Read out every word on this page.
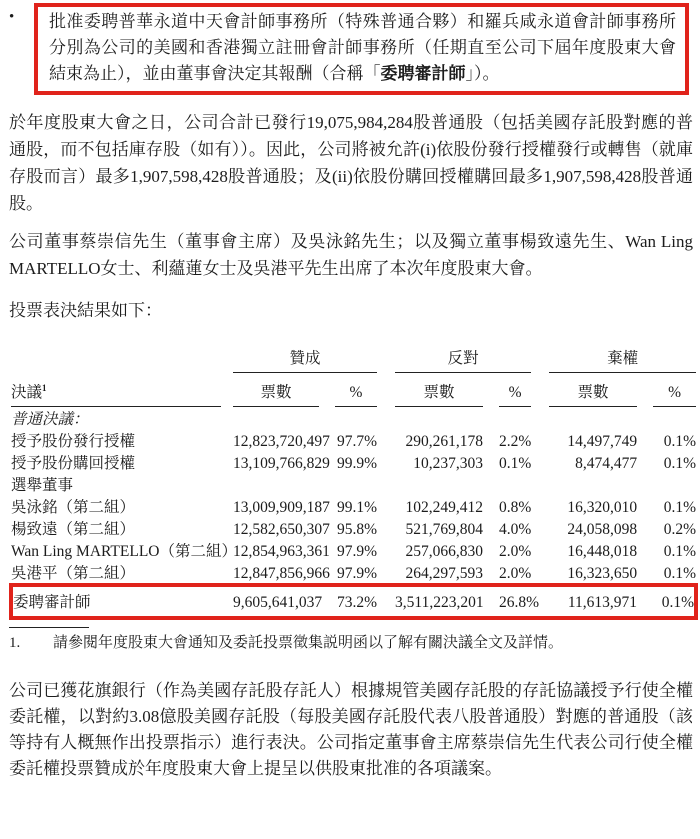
•	批准委聘普華永道中天會計師事務所（特殊普通合夥）和羅兵咸永道會計師事務所分別為公司的美國和香港獨立註冊會計師事務所（任期直至公司下屆年度股東大會結束為止），並由董事會決定其報酬（合稱「委聘審計師」）。

於年度股東大會之日，公司合計已發行19,075,984,284股普通股（包括美國存託股對應的普通股，而不包括庫存股（如有））。因此，公司將被允許(i)依股份發行授權發行或轉售（就庫存股而言）最多1,907,598,428股普通股；及(ii)依股份購回授權購回最多1,907,598,428股普通股。

公司董事蔡崇信先生（董事會主席）及吳泳銘先生；以及獨立董事楊致遠先生、Wan Ling MARTELLO女士、利蘊蓮女士及吳港平先生出席了本次年度股東大會。

投票表決結果如下：

		贊成				反對				棄權		
決議$^1$		票數		%		票數		%		票數		%
普通決議：												
授予股份發行授權		12,823,720,497		97.7%		290,261,178		2.2%		14,497,749		0.1%
授予股份購回授權		13,109,766,829		99.9%		10,237,303		0.1%		8,474,477		0.1%
選舉董事												
吳泳銘（第二組）		13,009,909,187		99.1%		102,249,412		0.8%		16,320,010		0.1%
楊致遠（第二組）		12,582,650,307		95.8%		521,769,804		4.0%		24,058,098		0.2%
Wan Ling MARTELLO（第二組）		12,854,963,361		97.9%		257,066,830		2.0%		16,448,018		0.1%
吳港平（第二組）		12,847,856,966		97.9%		264,297,593		2.0%		16,323,650		0.1%
委聘審計師		9,605,641,037		73.2%		3,511,223,201		26.8%		11,613,971		0.1%
1.	請參閱年度股東大會通知及委託投票徵集説明函以了解有關決議全文及詳情。

公司已獲花旗銀行（作為美國存託股存託人）根據規管美國存託股的存託協議授予行使全權委託權，以對約3.08億股美國存託股（每股美國存託股代表八股普通股）對應的普通股（該等持有人概無作出投票指示）進行表決。公司指定董事會主席蔡崇信先生代表公司行使全權委託權投票贊成於年度股東大會上提呈以供股東批准的各項議案。
